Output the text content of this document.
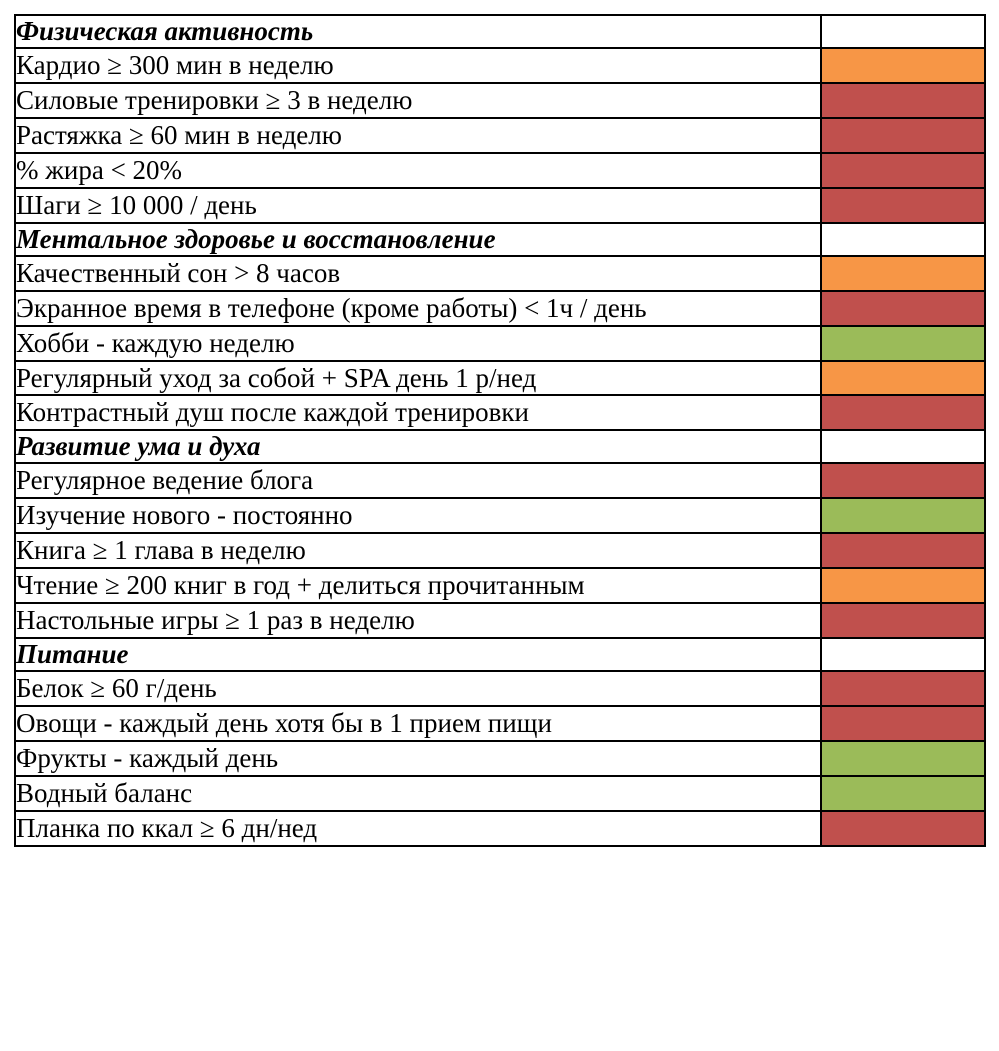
Физическая активность	
Кардио ≥ 300 мин в неделю	
Силовые тренировки ≥ 3 в неделю	
Растяжка ≥ 60 мин в неделю	
% жира < 20%	
Шаги ≥ 10 000 / день	
Ментальное здоровье и восстановление	
Качественный сон > 8 часов	
Экранное время в телефоне (кроме работы) < 1ч / день	
Хобби - каждую неделю	
Регулярный уход за собой + SPA день 1 р/нед	
Контрастный душ после каждой тренировки	
Развитие ума и духа	
Регулярное ведение блога	
Изучение нового - постоянно	
Книга ≥ 1 глава в неделю	
Чтение ≥ 200 книг в год + делиться прочитанным	
Настольные игры ≥ 1 раз в неделю	
Питание	
Белок ≥ 60 г/день	
Овощи - каждый день хотя бы в 1 прием пищи	
Фрукты - каждый день	
Водный баланс	
Планка по ккал ≥ 6 дн/нед	
